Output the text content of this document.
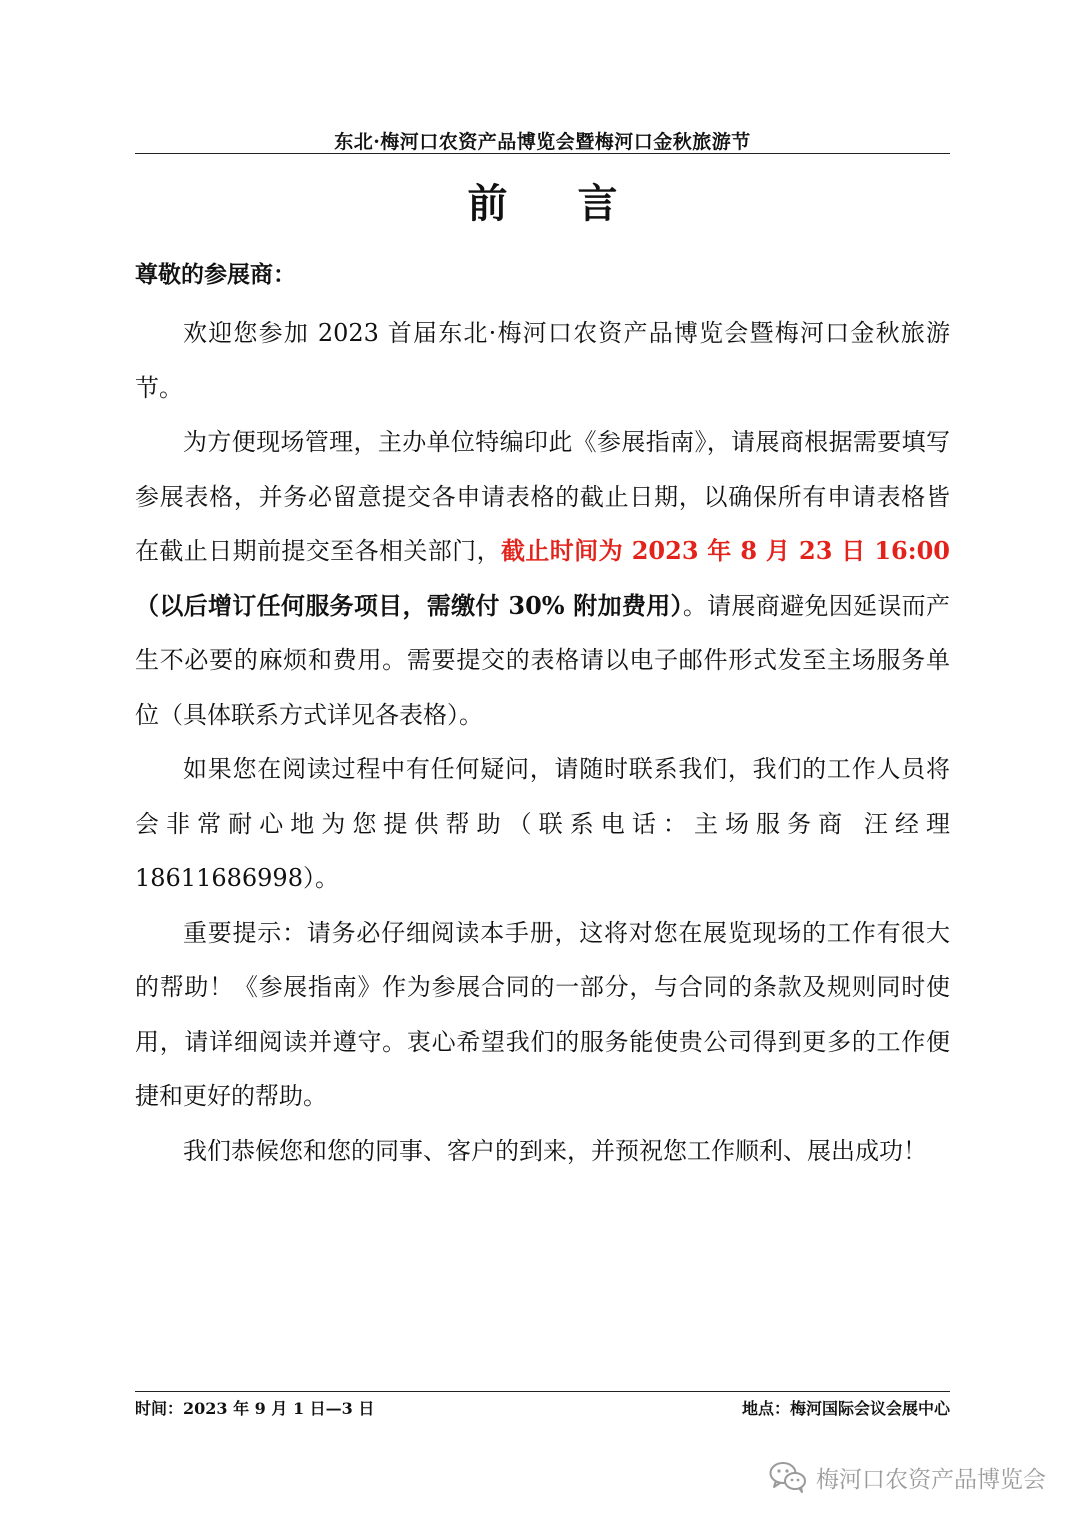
东北·梅河口农资产品博览会暨梅河口金秋旅游节
前 言
尊敬的参展商：

欢迎您参加 2023 首届东北·梅河口农资产品博览会暨梅河口金秋旅游节。

为方便现场管理，主办单位特编印此《参展指南》，请展商根据需要填写参展表格，并务必留意提交各申请表格的截止日期，以确保所有申请表格皆在截止日期前提交至各相关部门，截止时间为 2023 年 8 月 23 日 16:00（以后增订任何服务项目，需缴付 30% 附加费用）。请展商避免因延误而产生不必要的麻烦和费用。需要提交的表格请以电子邮件形式发至主场服务单位（具体联系方式详见各表格）。

如果您在阅读过程中有任何疑问，请随时联系我们，我们的工作人员将会非常耐心地为您提供帮助（联系电话：主场服务商 汪经理 18611686998）。

重要提示：请务必仔细阅读本手册，这将对您在展览现场的工作有很大的帮助！《参展指南》作为参展合同的一部分，与合同的条款及规则同时使用，请详细阅读并遵守。衷心希望我们的服务能使贵公司得到更多的工作便捷和更好的帮助。

我们恭候您和您的同事、客户的到来，并预祝您工作顺利、展出成功！

时间：2023 年 9 月 1 日—3 日	地点：梅河国际会议会展中心
梅河口农资产品博览会
